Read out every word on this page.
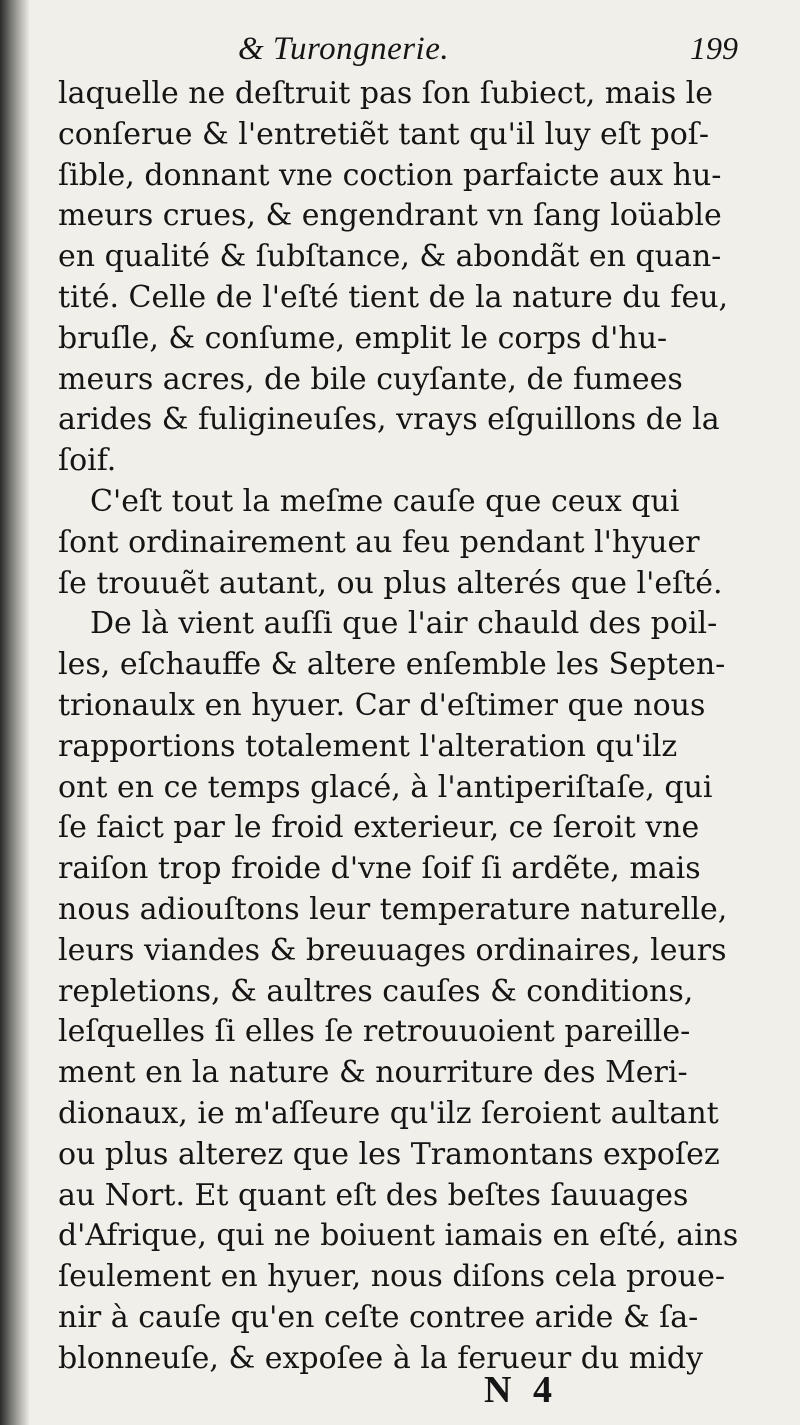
& Turongnerie.	199

laquelle ne deſtruit pas ſon ſubiect, mais le
conſerue & l'entretiẽt tant qu'il luy eſt poſ-
ſible, donnant vne coction parfaicte aux hu-
meurs crues, & engendrant vn ſang loüable
en qualité & ſubſtance, & abondãt en quan-
tité. Celle de l'eſté tient de la nature du feu,
bruſle, & conſume, emplit le corps d'hu-
meurs acres, de bile cuyſante, de fumees
arides & fuligineuſes, vrays eſguillons de la
ſoif.

C'eſt tout la meſme cauſe que ceux qui
ſont ordinairement au feu pendant l'hyuer
ſe trouuẽt autant, ou plus alterés que l'eſté.

De là vient auſſi que l'air chauld des poil-
les, eſchauffe & altere enſemble les Septen-
trionaulx en hyuer. Car d'eſtimer que nous
rapportions totalement l'alteration qu'ilz
ont en ce temps glacé, à l'antiperiſtaſe, qui
ſe faict par le froid exterieur, ce ſeroit vne
raiſon trop froide d'vne ſoif ſi ardẽte, mais
nous adiouſtons leur temperature naturelle,
leurs viandes & breuuages ordinaires, leurs
repletions, & aultres cauſes & conditions,
leſquelles ſi elles ſe retrouuoient pareille-
ment en la nature & nourriture des Meri-
dionaux, ie m'aſſeure qu'ilz ſeroient aultant
ou plus alterez que les Tramontans expoſez
au Nort. Et quant eſt des beſtes ſauuages
d'Afrique, qui ne boiuent iamais en eſté, ains
ſeulement en hyuer, nous diſons cela proue-
nir à cauſe qu'en ceſte contree aride & ſa-
blonneuſe, & expoſee à la ferueur du midy

N 4
